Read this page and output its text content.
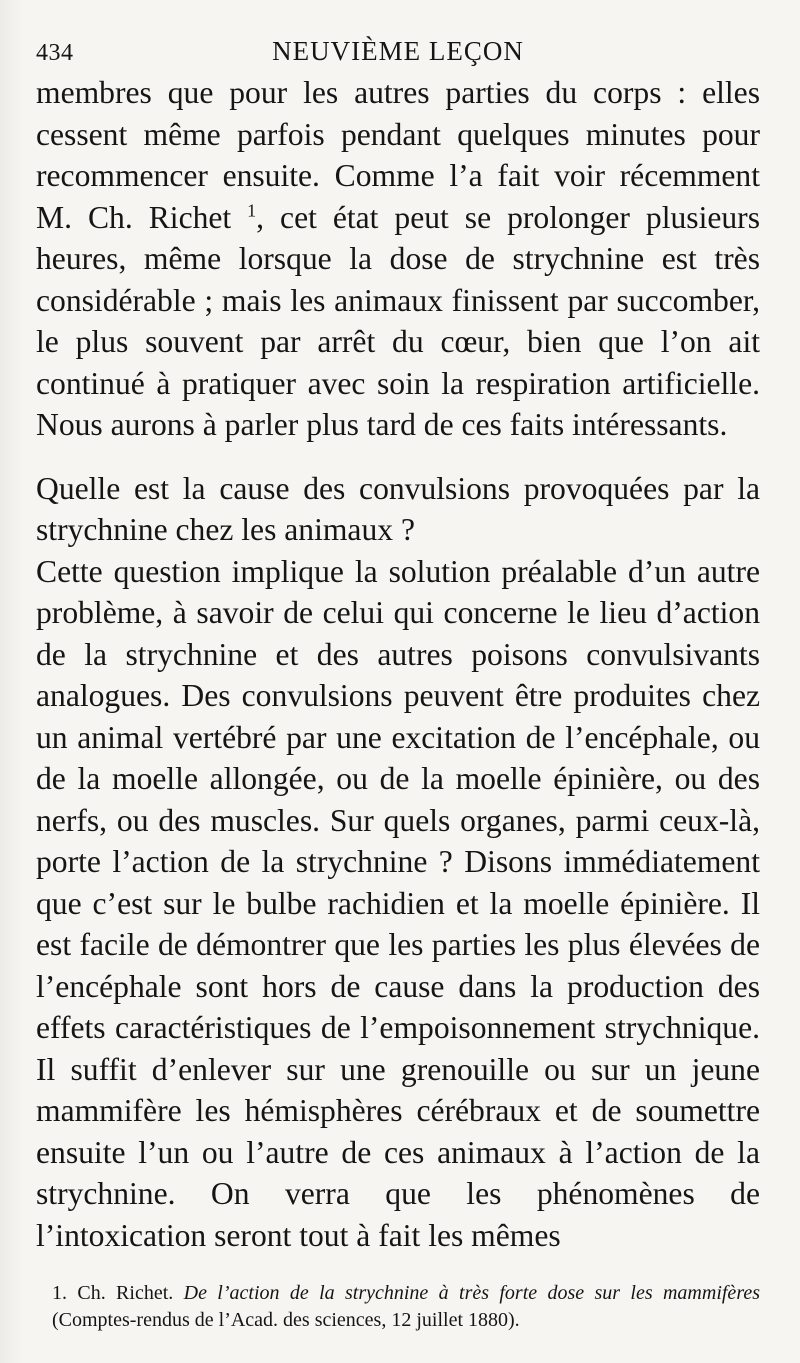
434	NEUVIÈME LEÇON

membres que pour les autres parties du corps : elles cessent même parfois pendant quelques minutes pour recommencer ensuite. Comme l’a fait voir récemment M. Ch. Richet $^1$, cet état peut se prolonger plusieurs heures, même lorsque la dose de strychnine est très considérable ; mais les animaux finissent par succomber, le plus souvent par arrêt du cœur, bien que l’on ait continué à pratiquer avec soin la respiration artificielle. Nous aurons à parler plus tard de ces faits intéressants.

Quelle est la cause des convulsions provoquées par la strychnine chez les animaux ?

Cette question implique la solution préalable d’un autre problème, à savoir de celui qui concerne le lieu d’action de la strychnine et des autres poisons convulsivants analogues. Des convulsions peuvent être produites chez un animal vertébré par une excitation de l’encéphale, ou de la moelle allongée, ou de la moelle épinière, ou des nerfs, ou des muscles. Sur quels organes, parmi ceux-là, porte l’action de la strychnine ? Disons immédiatement que c’est sur le bulbe rachidien et la moelle épinière. Il est facile de démontrer que les parties les plus élevées de l’encéphale sont hors de cause dans la production des effets caractéristiques de l’empoisonnement strychnique. Il suffit d’enlever sur une grenouille ou sur un jeune mammifère les hémisphères cérébraux et de soumettre ensuite l’un ou l’autre de ces animaux à l’action de la strychnine. On verra que les phénomènes de l’intoxication seront tout à fait les mêmes

1. Ch. Richet. De l’action de la strychnine à très forte dose sur les mammifères (Comptes-rendus de l’Acad. des sciences, 12 juillet 1880).
